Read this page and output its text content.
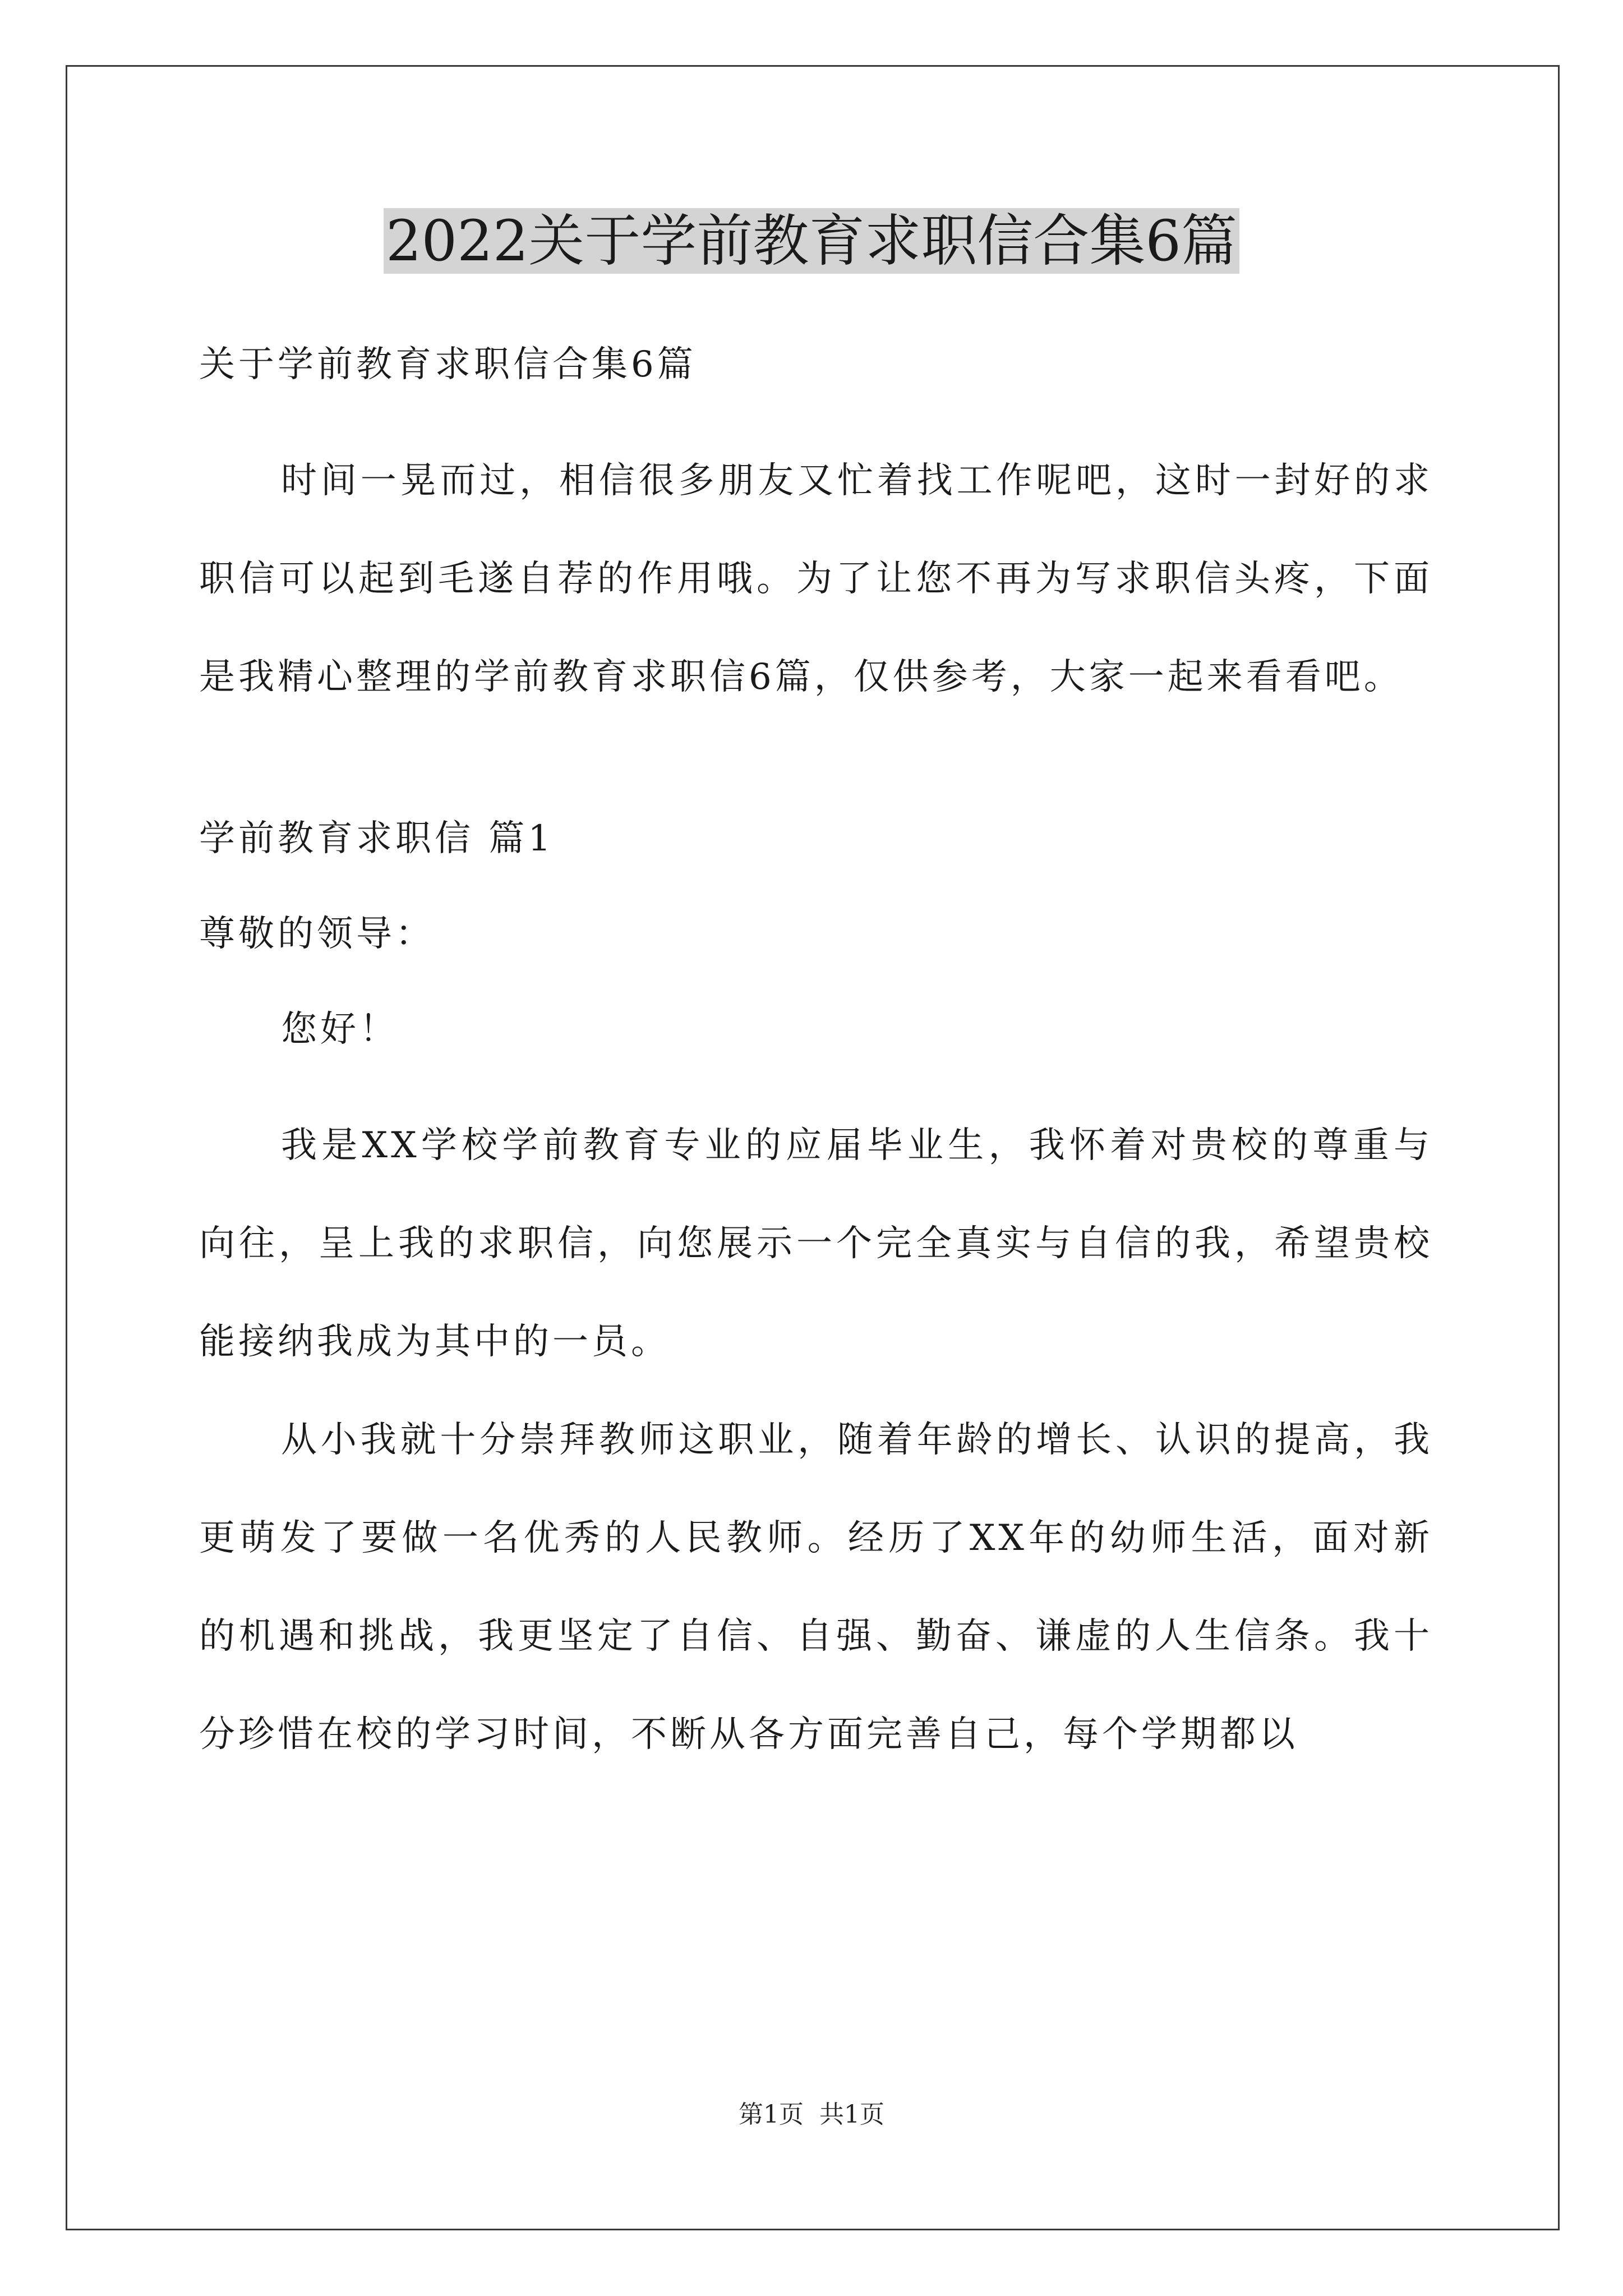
2022关于学前教育求职信合集6篇

关于学前教育求职信合集6篇

时间一晃而过，相信很多朋友又忙着找工作呢吧，这时一封好的求职信可以起到毛遂自荐的作用哦。为了让您不再为写求职信头疼，下面是我精心整理的学前教育求职信6篇，仅供参考，大家一起来看看吧。

学前教育求职信 篇1

尊敬的领导：

您好！

我是XX学校学前教育专业的应届毕业生，我怀着对贵校的尊重与向往，呈上我的求职信，向您展示一个完全真实与自信的我，希望贵校能接纳我成为其中的一员。

从小我就十分崇拜教师这职业，随着年龄的增长、认识的提高，我更萌发了要做一名优秀的人民教师。经历了XX年的幼师生活，面对新的机遇和挑战，我更坚定了自信、自强、勤奋、谦虚的人生信条。我十分珍惜在校的学习时间，不断从各方面完善自己，每个学期都以

第1页 共1页
